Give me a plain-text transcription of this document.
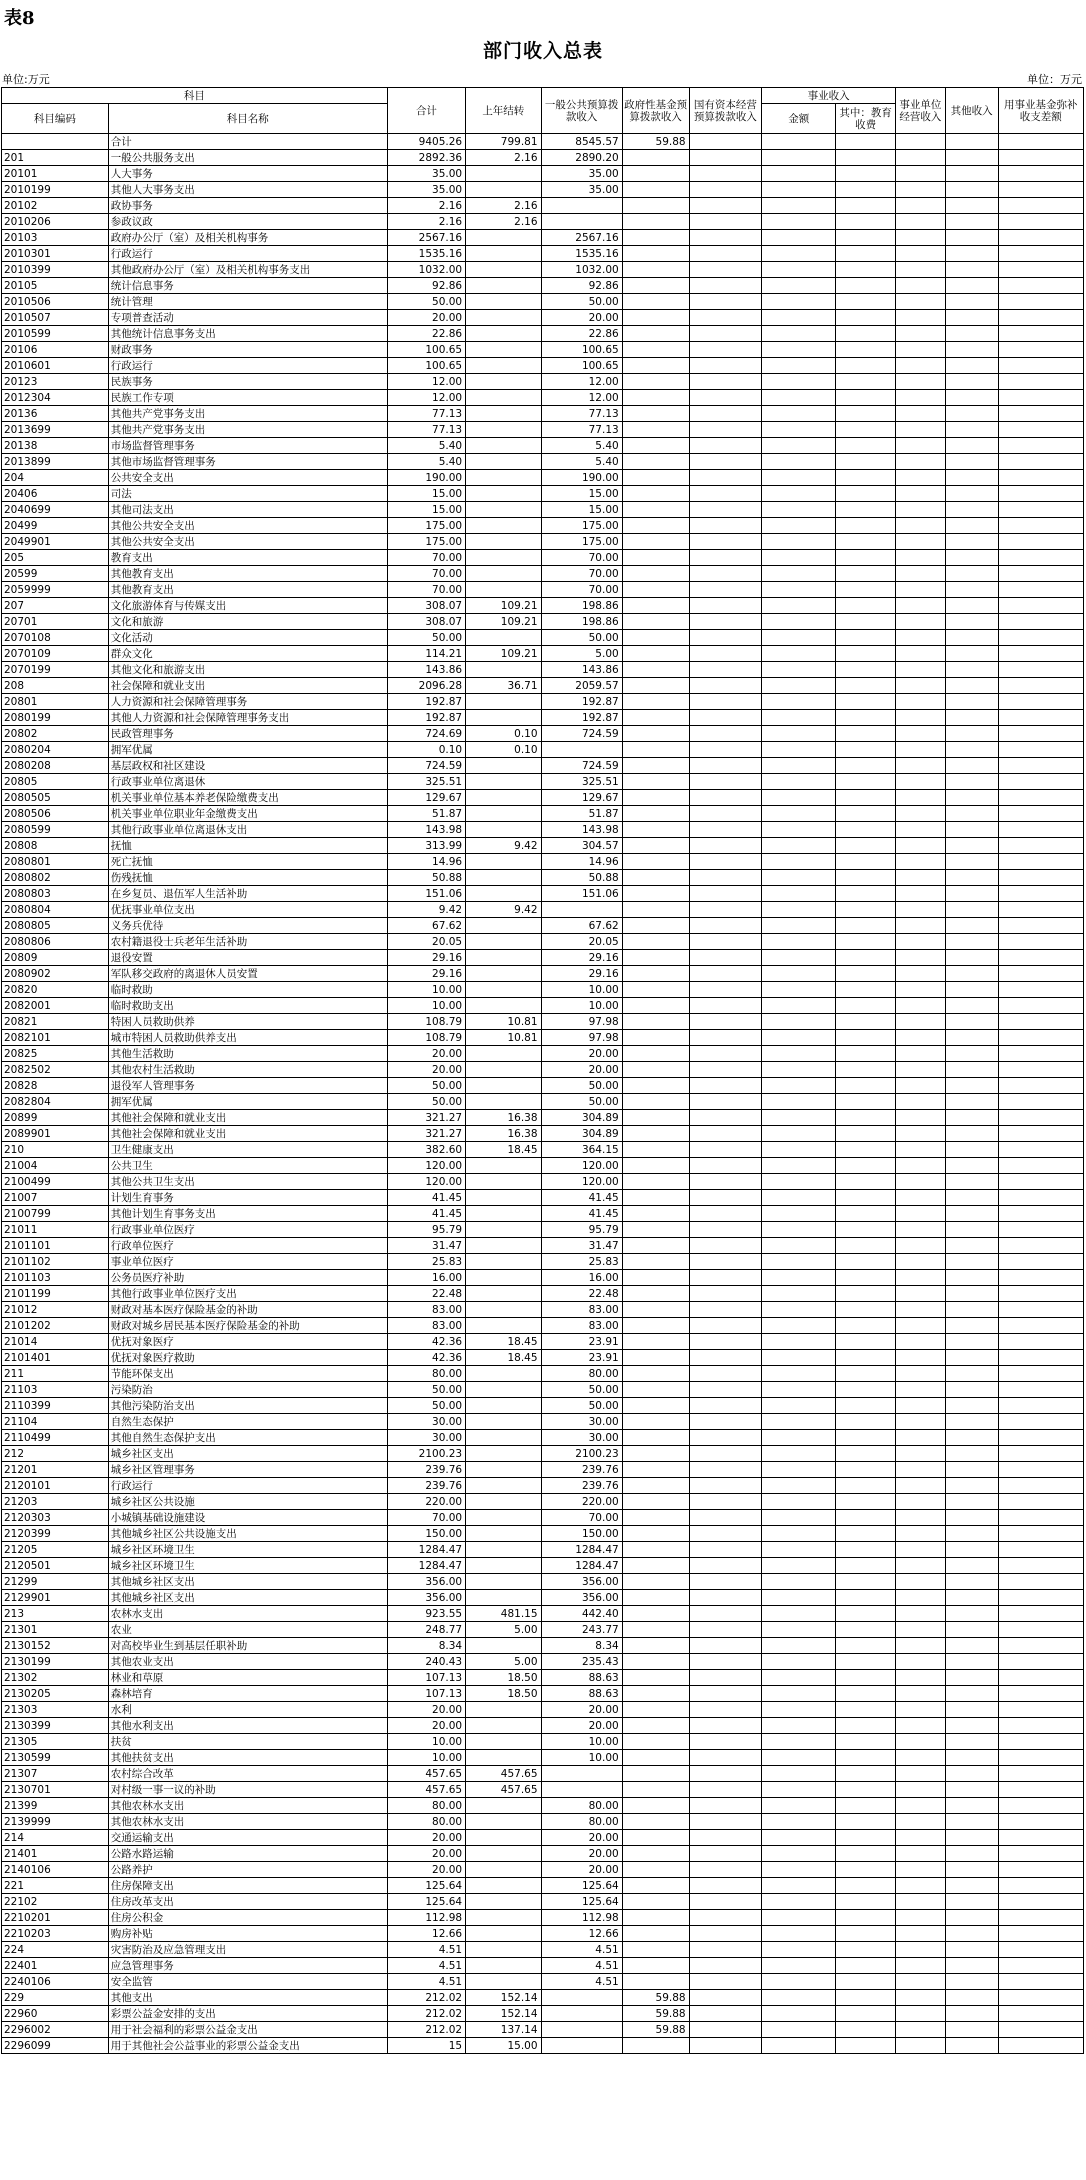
表8
部门收入总表
单位:万元	单位：万元
科目		合计	上年结转	一般公共预算拨款收入	政府性基金预算拨款收入	国有资本经营预算拨款收入	事业收入		事业单位经营收入	其他收入	用事业基金弥补收支差额
科目编码	科目名称						金额	其中：教育收费			

	合计	9405.26	799.81	8545.57	59.88						
201	一般公共服务支出	2892.36	2.16	2890.20							
20101	人大事务	35.00		35.00							
2010199	其他人大事务支出	35.00		35.00							
20102	政协事务	2.16	2.16								
2010206	参政议政	2.16	2.16								
20103	政府办公厅（室）及相关机构事务	2567.16		2567.16							
2010301	行政运行	1535.16		1535.16							
2010399	其他政府办公厅（室）及相关机构事务支出	1032.00		1032.00							
20105	统计信息事务	92.86		92.86							
2010506	统计管理	50.00		50.00							
2010507	专项普查活动	20.00		20.00							
2010599	其他统计信息事务支出	22.86		22.86							
20106	财政事务	100.65		100.65							
2010601	行政运行	100.65		100.65							
20123	民族事务	12.00		12.00							
2012304	民族工作专项	12.00		12.00							
20136	其他共产党事务支出	77.13		77.13							
2013699	其他共产党事务支出	77.13		77.13							
20138	市场监督管理事务	5.40		5.40							
2013899	其他市场监督管理事务	5.40		5.40							
204	公共安全支出	190.00		190.00							
20406	司法	15.00		15.00							
2040699	其他司法支出	15.00		15.00							
20499	其他公共安全支出	175.00		175.00							
2049901	其他公共安全支出	175.00		175.00							
205	教育支出	70.00		70.00							
20599	其他教育支出	70.00		70.00							
2059999	其他教育支出	70.00		70.00							
207	文化旅游体育与传媒支出	308.07	109.21	198.86							
20701	文化和旅游	308.07	109.21	198.86							
2070108	文化活动	50.00		50.00							
2070109	群众文化	114.21	109.21	5.00							
2070199	其他文化和旅游支出	143.86		143.86							
208	社会保障和就业支出	2096.28	36.71	2059.57							
20801	人力资源和社会保障管理事务	192.87		192.87							
2080199	其他人力资源和社会保障管理事务支出	192.87		192.87							
20802	民政管理事务	724.69	0.10	724.59							
2080204	拥军优属	0.10	0.10								
2080208	基层政权和社区建设	724.59		724.59							
20805	行政事业单位离退休	325.51		325.51							
2080505	机关事业单位基本养老保险缴费支出	129.67		129.67							
2080506	机关事业单位职业年金缴费支出	51.87		51.87							
2080599	其他行政事业单位离退休支出	143.98		143.98							
20808	抚恤	313.99	9.42	304.57							
2080801	死亡抚恤	14.96		14.96							
2080802	伤残抚恤	50.88		50.88							
2080803	在乡复员、退伍军人生活补助	151.06		151.06							
2080804	优抚事业单位支出	9.42	9.42								
2080805	义务兵优待	67.62		67.62							
2080806	农村籍退役士兵老年生活补助	20.05		20.05							
20809	退役安置	29.16		29.16							
2080902	军队移交政府的离退休人员安置	29.16		29.16							
20820	临时救助	10.00		10.00							
2082001	临时救助支出	10.00		10.00							
20821	特困人员救助供养	108.79	10.81	97.98							
2082101	城市特困人员救助供养支出	108.79	10.81	97.98							
20825	其他生活救助	20.00		20.00							
2082502	其他农村生活救助	20.00		20.00							
20828	退役军人管理事务	50.00		50.00							
2082804	拥军优属	50.00		50.00							
20899	其他社会保障和就业支出	321.27	16.38	304.89							
2089901	其他社会保障和就业支出	321.27	16.38	304.89							
210	卫生健康支出	382.60	18.45	364.15							
21004	公共卫生	120.00		120.00							
2100499	其他公共卫生支出	120.00		120.00							
21007	计划生育事务	41.45		41.45							
2100799	其他计划生育事务支出	41.45		41.45							
21011	行政事业单位医疗	95.79		95.79							
2101101	行政单位医疗	31.47		31.47							
2101102	事业单位医疗	25.83		25.83							
2101103	公务员医疗补助	16.00		16.00							
2101199	其他行政事业单位医疗支出	22.48		22.48							
21012	财政对基本医疗保险基金的补助	83.00		83.00							
2101202	财政对城乡居民基本医疗保险基金的补助	83.00		83.00							
21014	优抚对象医疗	42.36	18.45	23.91							
2101401	优抚对象医疗救助	42.36	18.45	23.91							
211	节能环保支出	80.00		80.00							
21103	污染防治	50.00		50.00							
2110399	其他污染防治支出	50.00		50.00							
21104	自然生态保护	30.00		30.00							
2110499	其他自然生态保护支出	30.00		30.00							
212	城乡社区支出	2100.23		2100.23							
21201	城乡社区管理事务	239.76		239.76							
2120101	行政运行	239.76		239.76							
21203	城乡社区公共设施	220.00		220.00							
2120303	小城镇基础设施建设	70.00		70.00							
2120399	其他城乡社区公共设施支出	150.00		150.00							
21205	城乡社区环境卫生	1284.47		1284.47							
2120501	城乡社区环境卫生	1284.47		1284.47							
21299	其他城乡社区支出	356.00		356.00							
2129901	其他城乡社区支出	356.00		356.00							
213	农林水支出	923.55	481.15	442.40							
21301	农业	248.77	5.00	243.77							
2130152	对高校毕业生到基层任职补助	8.34		8.34							
2130199	其他农业支出	240.43	5.00	235.43							
21302	林业和草原	107.13	18.50	88.63							
2130205	森林培育	107.13	18.50	88.63							
21303	水利	20.00		20.00							
2130399	其他水利支出	20.00		20.00							
21305	扶贫	10.00		10.00							
2130599	其他扶贫支出	10.00		10.00							
21307	农村综合改革	457.65	457.65								
2130701	对村级一事一议的补助	457.65	457.65								
21399	其他农林水支出	80.00		80.00							
2139999	其他农林水支出	80.00		80.00							
214	交通运输支出	20.00		20.00							
21401	公路水路运输	20.00		20.00							
2140106	公路养护	20.00		20.00							
221	住房保障支出	125.64		125.64							
22102	住房改革支出	125.64		125.64							
2210201	住房公积金	112.98		112.98							
2210203	购房补贴	12.66		12.66							
224	灾害防治及应急管理支出	4.51		4.51							
22401	应急管理事务	4.51		4.51							
2240106	安全监管	4.51		4.51							
229	其他支出	212.02	152.14		59.88						
22960	彩票公益金安排的支出	212.02	152.14		59.88						
2296002	用于社会福利的彩票公益金支出	212.02	137.14		59.88						
2296099	用于其他社会公益事业的彩票公益金支出	15	15.00								
